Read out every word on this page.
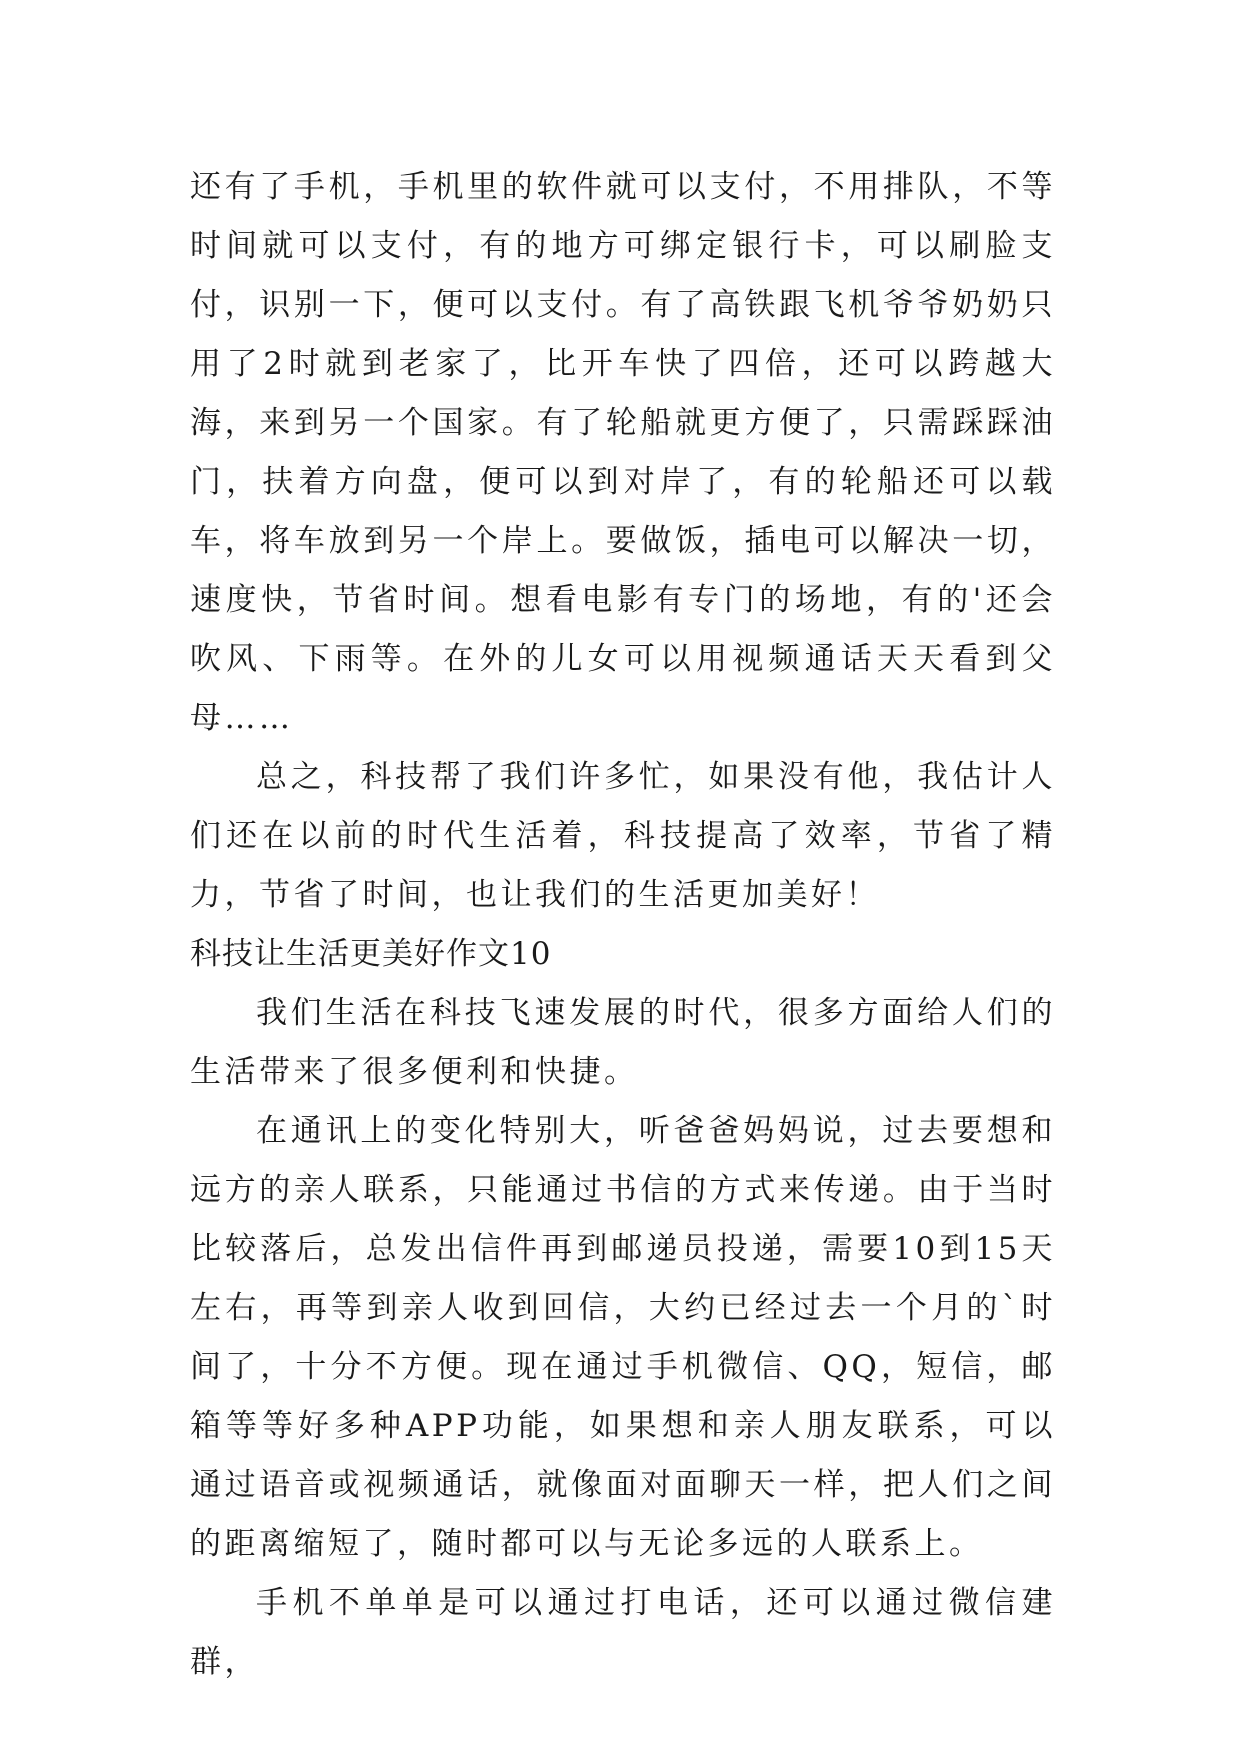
还有了手机，手机里的软件就可以支付，不用排队，不等时间就可以支付，有的地方可绑定银行卡，可以刷脸支付，识别一下，便可以支付。有了高铁跟飞机爷爷奶奶只用了2时就到老家了，比开车快了四倍，还可以跨越大海，来到另一个国家。有了轮船就更方便了，只需踩踩油门，扶着方向盘，便可以到对岸了，有的轮船还可以载车，将车放到另一个岸上。要做饭，插电可以解决一切，速度快，节省时间。想看电影有专门的场地，有的'还会吹风、下雨等。在外的儿女可以用视频通话天天看到父母……

总之，科技帮了我们许多忙，如果没有他，我估计人们还在以前的时代生活着，科技提高了效率，节省了精力，节省了时间，也让我们的生活更加美好！

科技让生活更美好作文10

我们生活在科技飞速发展的时代，很多方面给人们的生活带来了很多便利和快捷。

在通讯上的变化特别大，听爸爸妈妈说，过去要想和远方的亲人联系，只能通过书信的方式来传递。由于当时比较落后，总发出信件再到邮递员投递，需要10到15天左右，再等到亲人收到回信，大约已经过去一个月的`时间了，十分不方便。现在通过手机微信、QQ，短信，邮箱等等好多种APP功能，如果想和亲人朋友联系，可以通过语音或视频通话，就像面对面聊天一样，把人们之间的距离缩短了，随时都可以与无论多远的人联系上。

手机不单单是可以通过打电话，还可以通过微信建群，
